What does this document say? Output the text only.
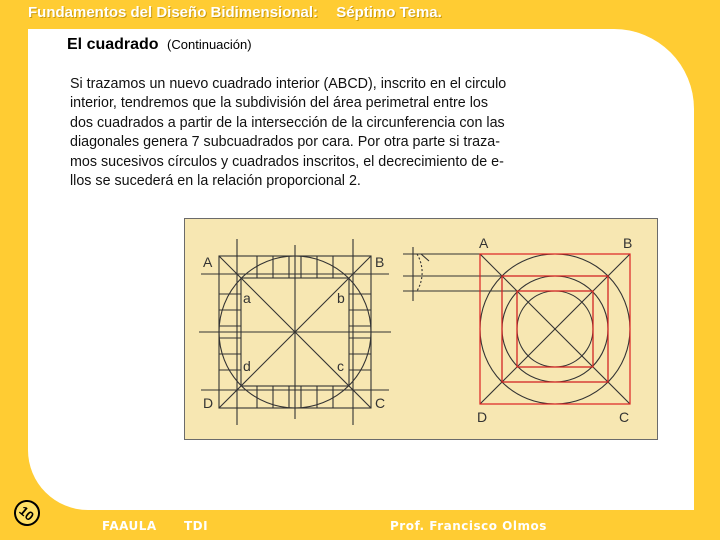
Fundamentos del Diseño Bidimensional: Séptimo Tema.
El cuadrado (Continuación)
Si trazamos un nuevo cuadrado interior (ABCD), inscrito en el circulo
interior, tendremos que la subdivisión del área perimetral entre los
dos cuadrados a partir de la intersección de la circunferencia con las
diagonales genera 7 subcuadrados por cara. Por otra parte si traza-
mos sucesivos círculos y cuadrados inscritos, el decrecimiento de e-
llos se sucederá en la relación proporcional 2.
A	B
D	C
a	b
d	c
A	B
D	C
10
FAAULA TDI	Prof. Francisco Olmos
